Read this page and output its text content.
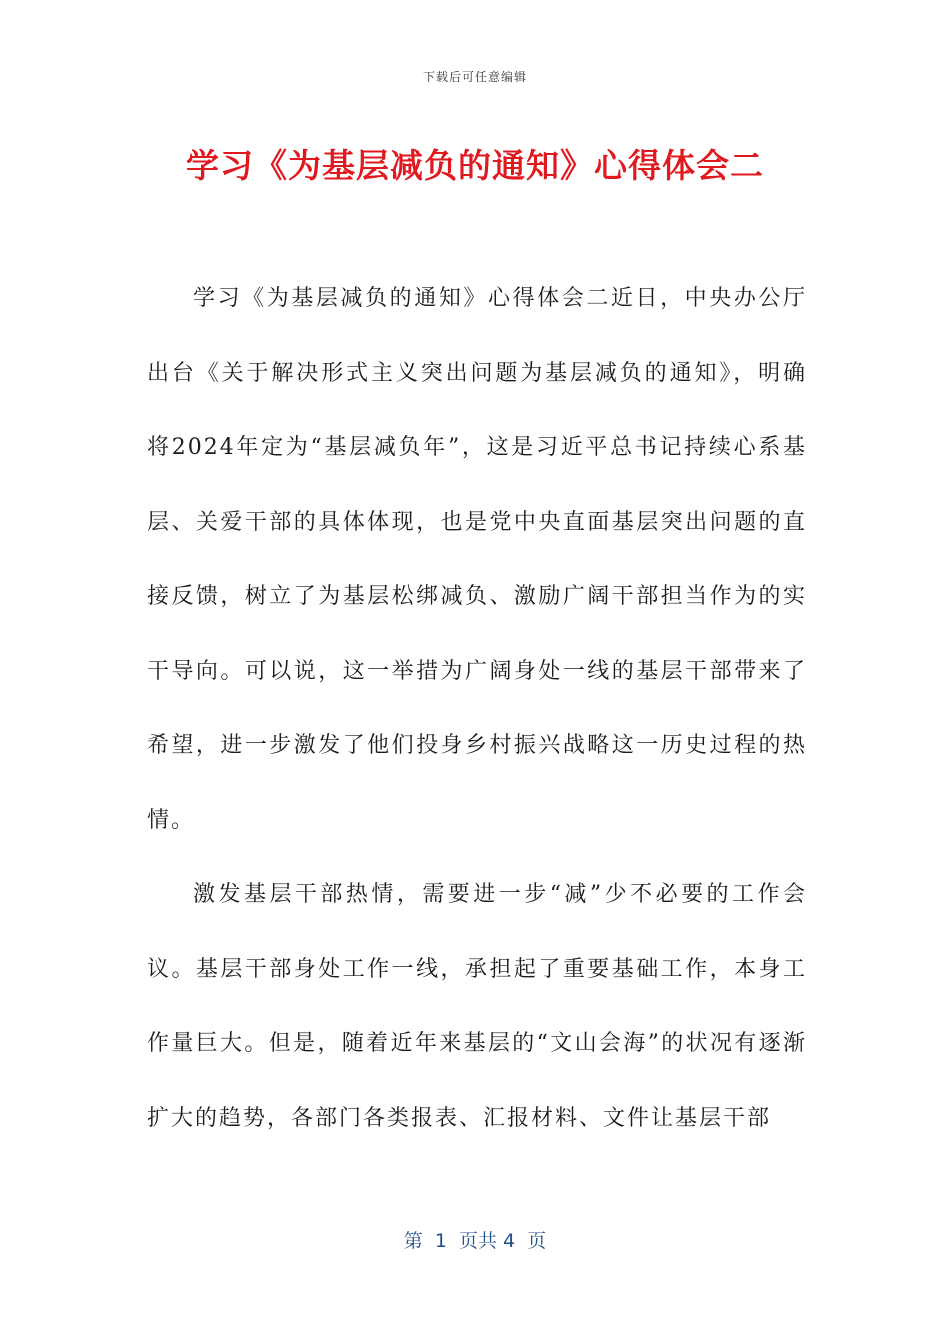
下载后可任意编辑
学习《为基层减负的通知》心得体会二

学习《为基层减负的通知》心得体会二近日，中央办公厅出台《关于解决形式主义突出问题为基层减负的通知》，明确将2024年定为“基层减负年”，这是习近平总书记持续心系基层、关爱干部的具体体现，也是党中央直面基层突出问题的直接反馈，树立了为基层松绑减负、激励广阔干部担当作为的实干导向。可以说，这一举措为广阔身处一线的基层干部带来了希望，进一步激发了他们投身乡村振兴战略这一历史过程的热情。

激发基层干部热情，需要进一步“减”少不必要的工作会议。基层干部身处工作一线，承担起了重要基础工作，本身工作量巨大。但是，随着近年来基层的“文山会海”的状况有逐渐扩大的趋势，各部门各类报表、汇报材料、文件让基层干部

第  1  页共 4  页
